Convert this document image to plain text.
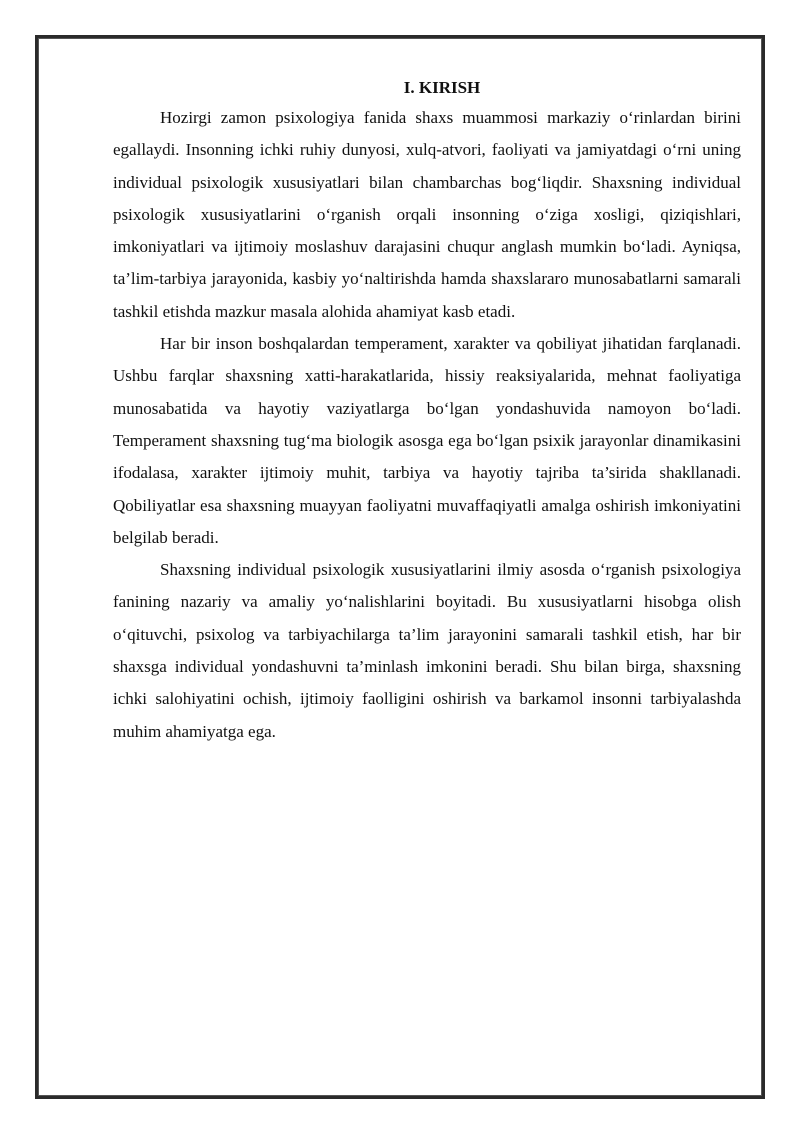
I. KIRISH

Hozirgi zamon psixologiya fanida shaxs muammosi markaziy o‘rinlardan birini egallaydi. Insonning ichki ruhiy dunyosi, xulq-atvori, faoliyati va jamiyatdagi o‘rni uning individual psixologik xususiyatlari bilan chambarchas bog‘liqdir. Shaxsning individual psixologik xususiyatlarini o‘rganish orqali insonning o‘ziga xosligi, qiziqishlari, imkoniyatlari va ijtimoiy moslashuv darajasini chuqur anglash mumkin bo‘ladi. Ayniqsa, ta’lim-tarbiya jarayonida, kasbiy yo‘naltirishda hamda shaxslararo munosabatlarni samarali tashkil etishda mazkur masala alohida ahamiyat kasb etadi.

Har bir inson boshqalardan temperament, xarakter va qobiliyat jihatidan farqlanadi. Ushbu farqlar shaxsning xatti-harakatlarida, hissiy reaksiyalarida, mehnat faoliyatiga munosabatida va hayotiy vaziyatlarga bo‘lgan yondashuvida namoyon bo‘ladi. Temperament shaxsning tug‘ma biologik asosga ega bo‘lgan psixik jarayonlar dinamikasini ifodalasa, xarakter ijtimoiy muhit, tarbiya va hayotiy tajriba ta’sirida shakllanadi. Qobiliyatlar esa shaxsning muayyan faoliyatni muvaffaqiyatli amalga oshirish imkoniyatini belgilab beradi.

Shaxsning individual psixologik xususiyatlarini ilmiy asosda o‘rganish psixologiya fanining nazariy va amaliy yo‘nalishlarini boyitadi. Bu xususiyatlarni hisobga olish o‘qituvchi, psixolog va tarbiyachilarga ta’lim jarayonini samarali tashkil etish, har bir shaxsga individual yondashuvni ta’minlash imkonini beradi. Shu bilan birga, shaxsning ichki salohiyatini ochish, ijtimoiy faolligini oshirish va barkamol insonni tarbiyalashda muhim ahamiyatga ega.
